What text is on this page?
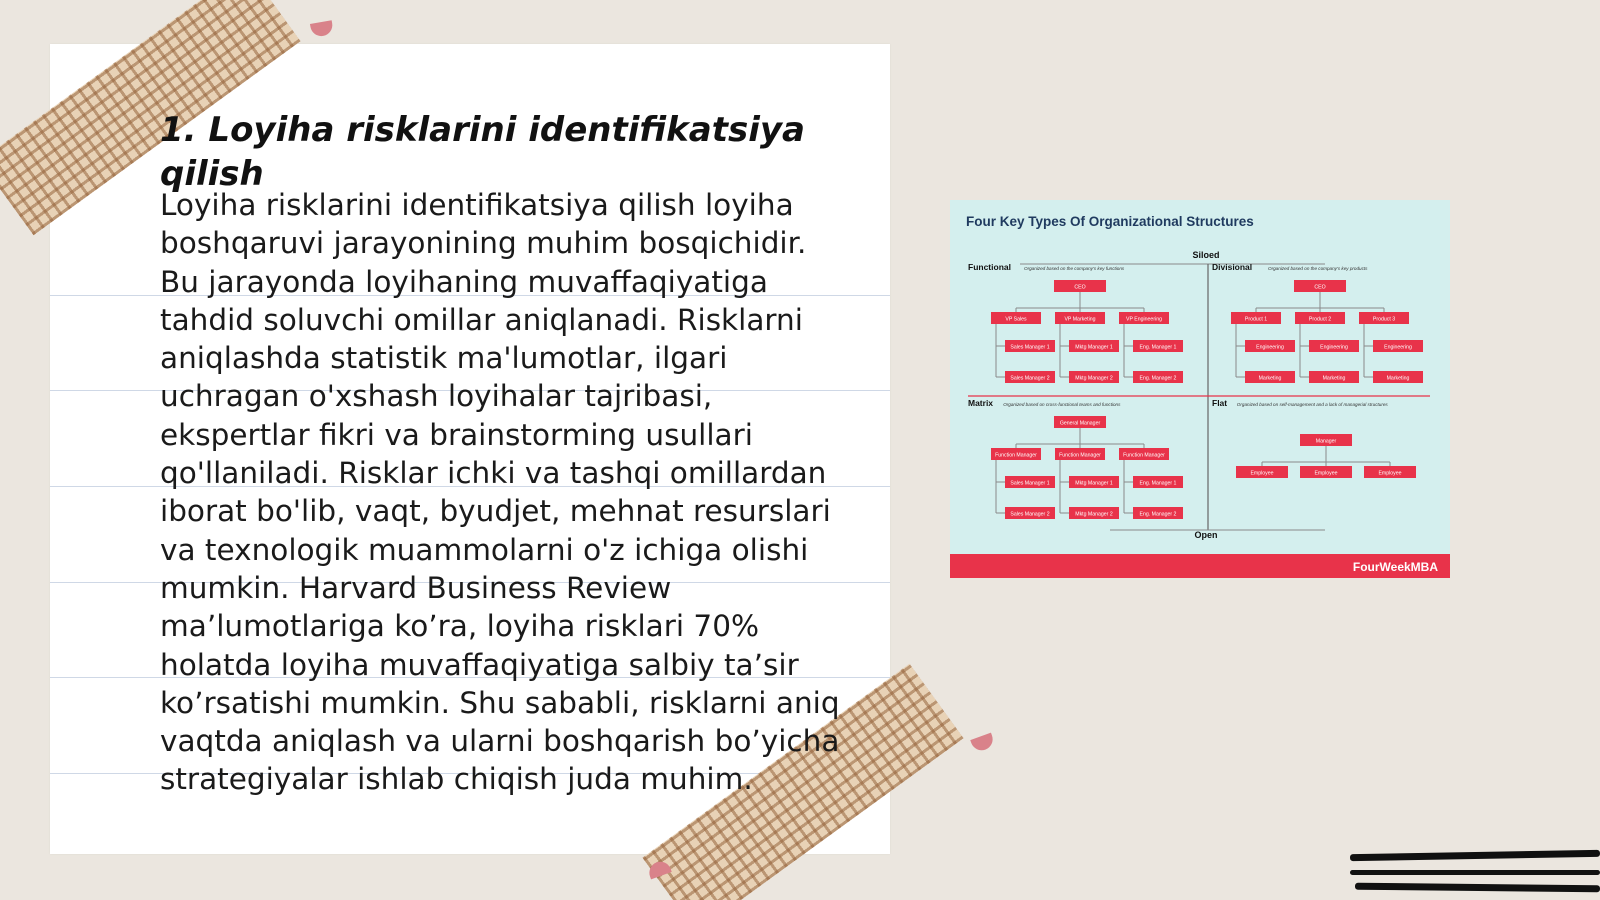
1. Loyiha risklarini identifikatsiya qilish

Loyiha risklarini identifikatsiya qilish loyiha boshqaruvi jarayonining muhim bosqichidir. Bu jarayonda loyihaning muvaffaqiyatiga tahdid soluvchi omillar aniqlanadi. Risklarni aniqlashda statistik ma'lumotlar, ilgari uchragan o'xshash loyihalar tajribasi, ekspertlar fikri va brainstorming usullari qo'llaniladi. Risklar ichki va tashqi omillardan iborat bo'lib, vaqt, byudjet, mehnat resurslari va texnologik muammolarni o'z ichiga olishi mumkin. Harvard Business Review ma’lumotlariga ko’ra, loyiha risklari 70% holatda loyiha muvaffaqiyatiga salbiy ta’sir ko’rsatishi mumkin. Shu sababli, risklarni aniq vaqtda aniqlash va ularni boshqarish bo’yicha strategiyalar ishlab chiqish juda muhim.

Four Key Types Of Organizational Structures
Siloed
Open
Functional	Organized based on the company's key functions
CEO
VP Sales	VP Marketing	VP Engineering
Sales Manager 1
Sales Manager 2
Mktg Manager 1
Mktg Manager 2
Eng. Manager 1
Eng. Manager 2
Divisional	Organized based on the company's key products
CEO
Product 1	Product 2	Product 3
Engineering
Marketing
Engineering
Marketing
Engineering
Marketing
Matrix Organized based on cross-functional teams and functions
General Manager
Function Manager	Function Manager	Function Manager
Sales Manager 1
Sales Manager 2
Mktg Manager 1
Mktg Manager 2
Eng. Manager 1
Eng. Manager 2
Flat Organized based on self-management and a lack of managerial structures
Manager
Employee	Employee	Employee
FourWeekMBA
